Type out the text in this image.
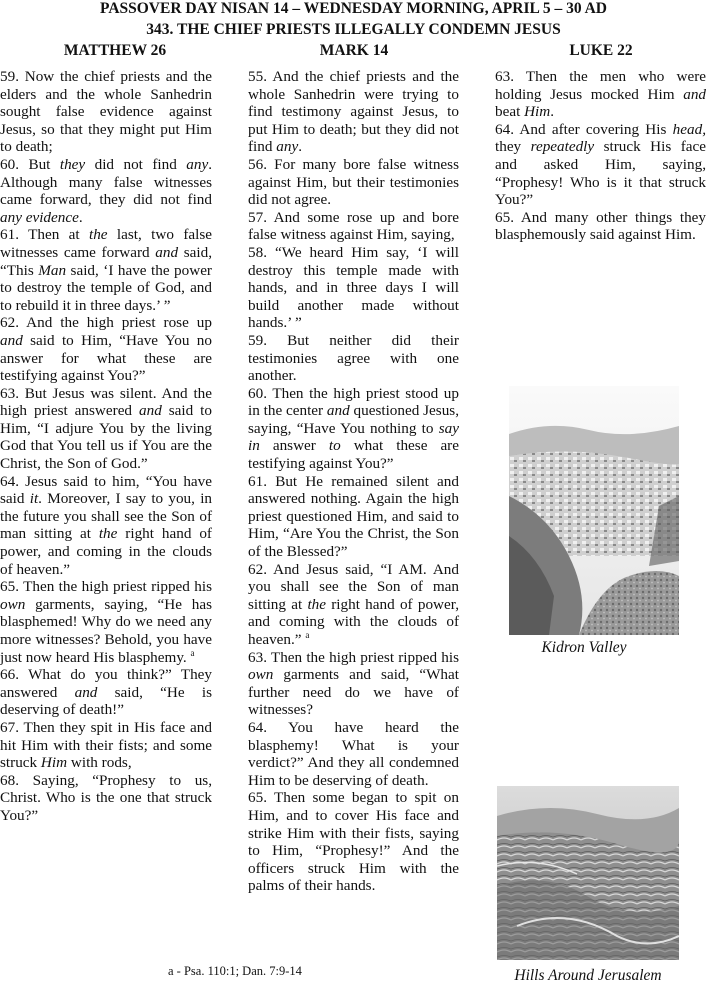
PASSOVER DAY NISAN 14 – WEDNESDAY MORNING, APRIL 5 – 30 AD
343. THE CHIEF PRIESTS ILLEGALLY CONDEMN JESUS
MATTHEW 26	MARK 14	LUKE 22

59. Now the chief priests and the elders and the whole Sanhedrin sought false evidence against Jesus, so that they might put Him to death;

60. But they did not find any. Although many false witnesses came forward, they did not find any evidence.

61. Then at the last, two false witnesses came forward and said, “This Man said, ‘I have the power to destroy the temple of God, and to rebuild it in three days.’ ”

62. And the high priest rose up and said to Him, “Have You no answer for what these are testifying against You?”

63. But Jesus was silent. And the high priest answered and said to Him, “I adjure You by the living God that You tell us if You are the Christ, the Son of God.”

64. Jesus said to him, “You have said it. Moreover, I say to you, in the future you shall see the Son of man sitting at the right hand of power, and coming in the clouds of heaven.”

65. Then the high priest ripped his own garments, saying, “He has blasphemed! Why do we need any more witnesses? Behold, you have just now heard His blasphemy. $^a$

66. What do you think?” They answered and said, “He is deserving of death!”

67. Then they spit in His face and hit Him with their fists; and some struck Him with rods,

68. Saying, “Prophesy to us, Christ. Who is the one that struck You?”

55. And the chief priests and the whole Sanhedrin were trying to find testimony against Jesus, to put Him to death; but they did not find any.

56. For many bore false witness against Him, but their testimonies did not agree.

57. And some rose up and bore false witness against Him, saying,

58. “We heard Him say, ‘I will destroy this temple made with hands, and in three days I will build another made without hands.’ ”

59. But neither did their testimonies agree with one another.

60. Then the high priest stood up in the center and questioned Jesus, saying, “Have You nothing to say in answer to what these are testifying against You?”

61. But He remained silent and answered nothing. Again the high priest questioned Him, and said to Him, “Are You the Christ, the Son of the Blessed?”

62. And Jesus said, “I AM. And you shall see the Son of man sitting at the right hand of power, and coming with the clouds of heaven.” $^a$

63. Then the high priest ripped his own garments and said, “What further need do we have of witnesses?

64. You have heard the blasphemy! What is your verdict?” And they all condemned Him to be deserving of death.

65. Then some began to spit on Him, and to cover His face and strike Him with their fists, saying to Him, “Prophesy!” And the officers struck Him with the palms of their hands.

63. Then the men who were holding Jesus mocked Him and beat Him.

64. And after covering His head, they repeatedly struck His face and asked Him, saying, “Prophesy! Who is it that struck You?”

65. And many other things they blasphemously said against Him.

Kidron Valley
Hills Around Jerusalem
a - Psa. 110:1; Dan. 7:9-14
